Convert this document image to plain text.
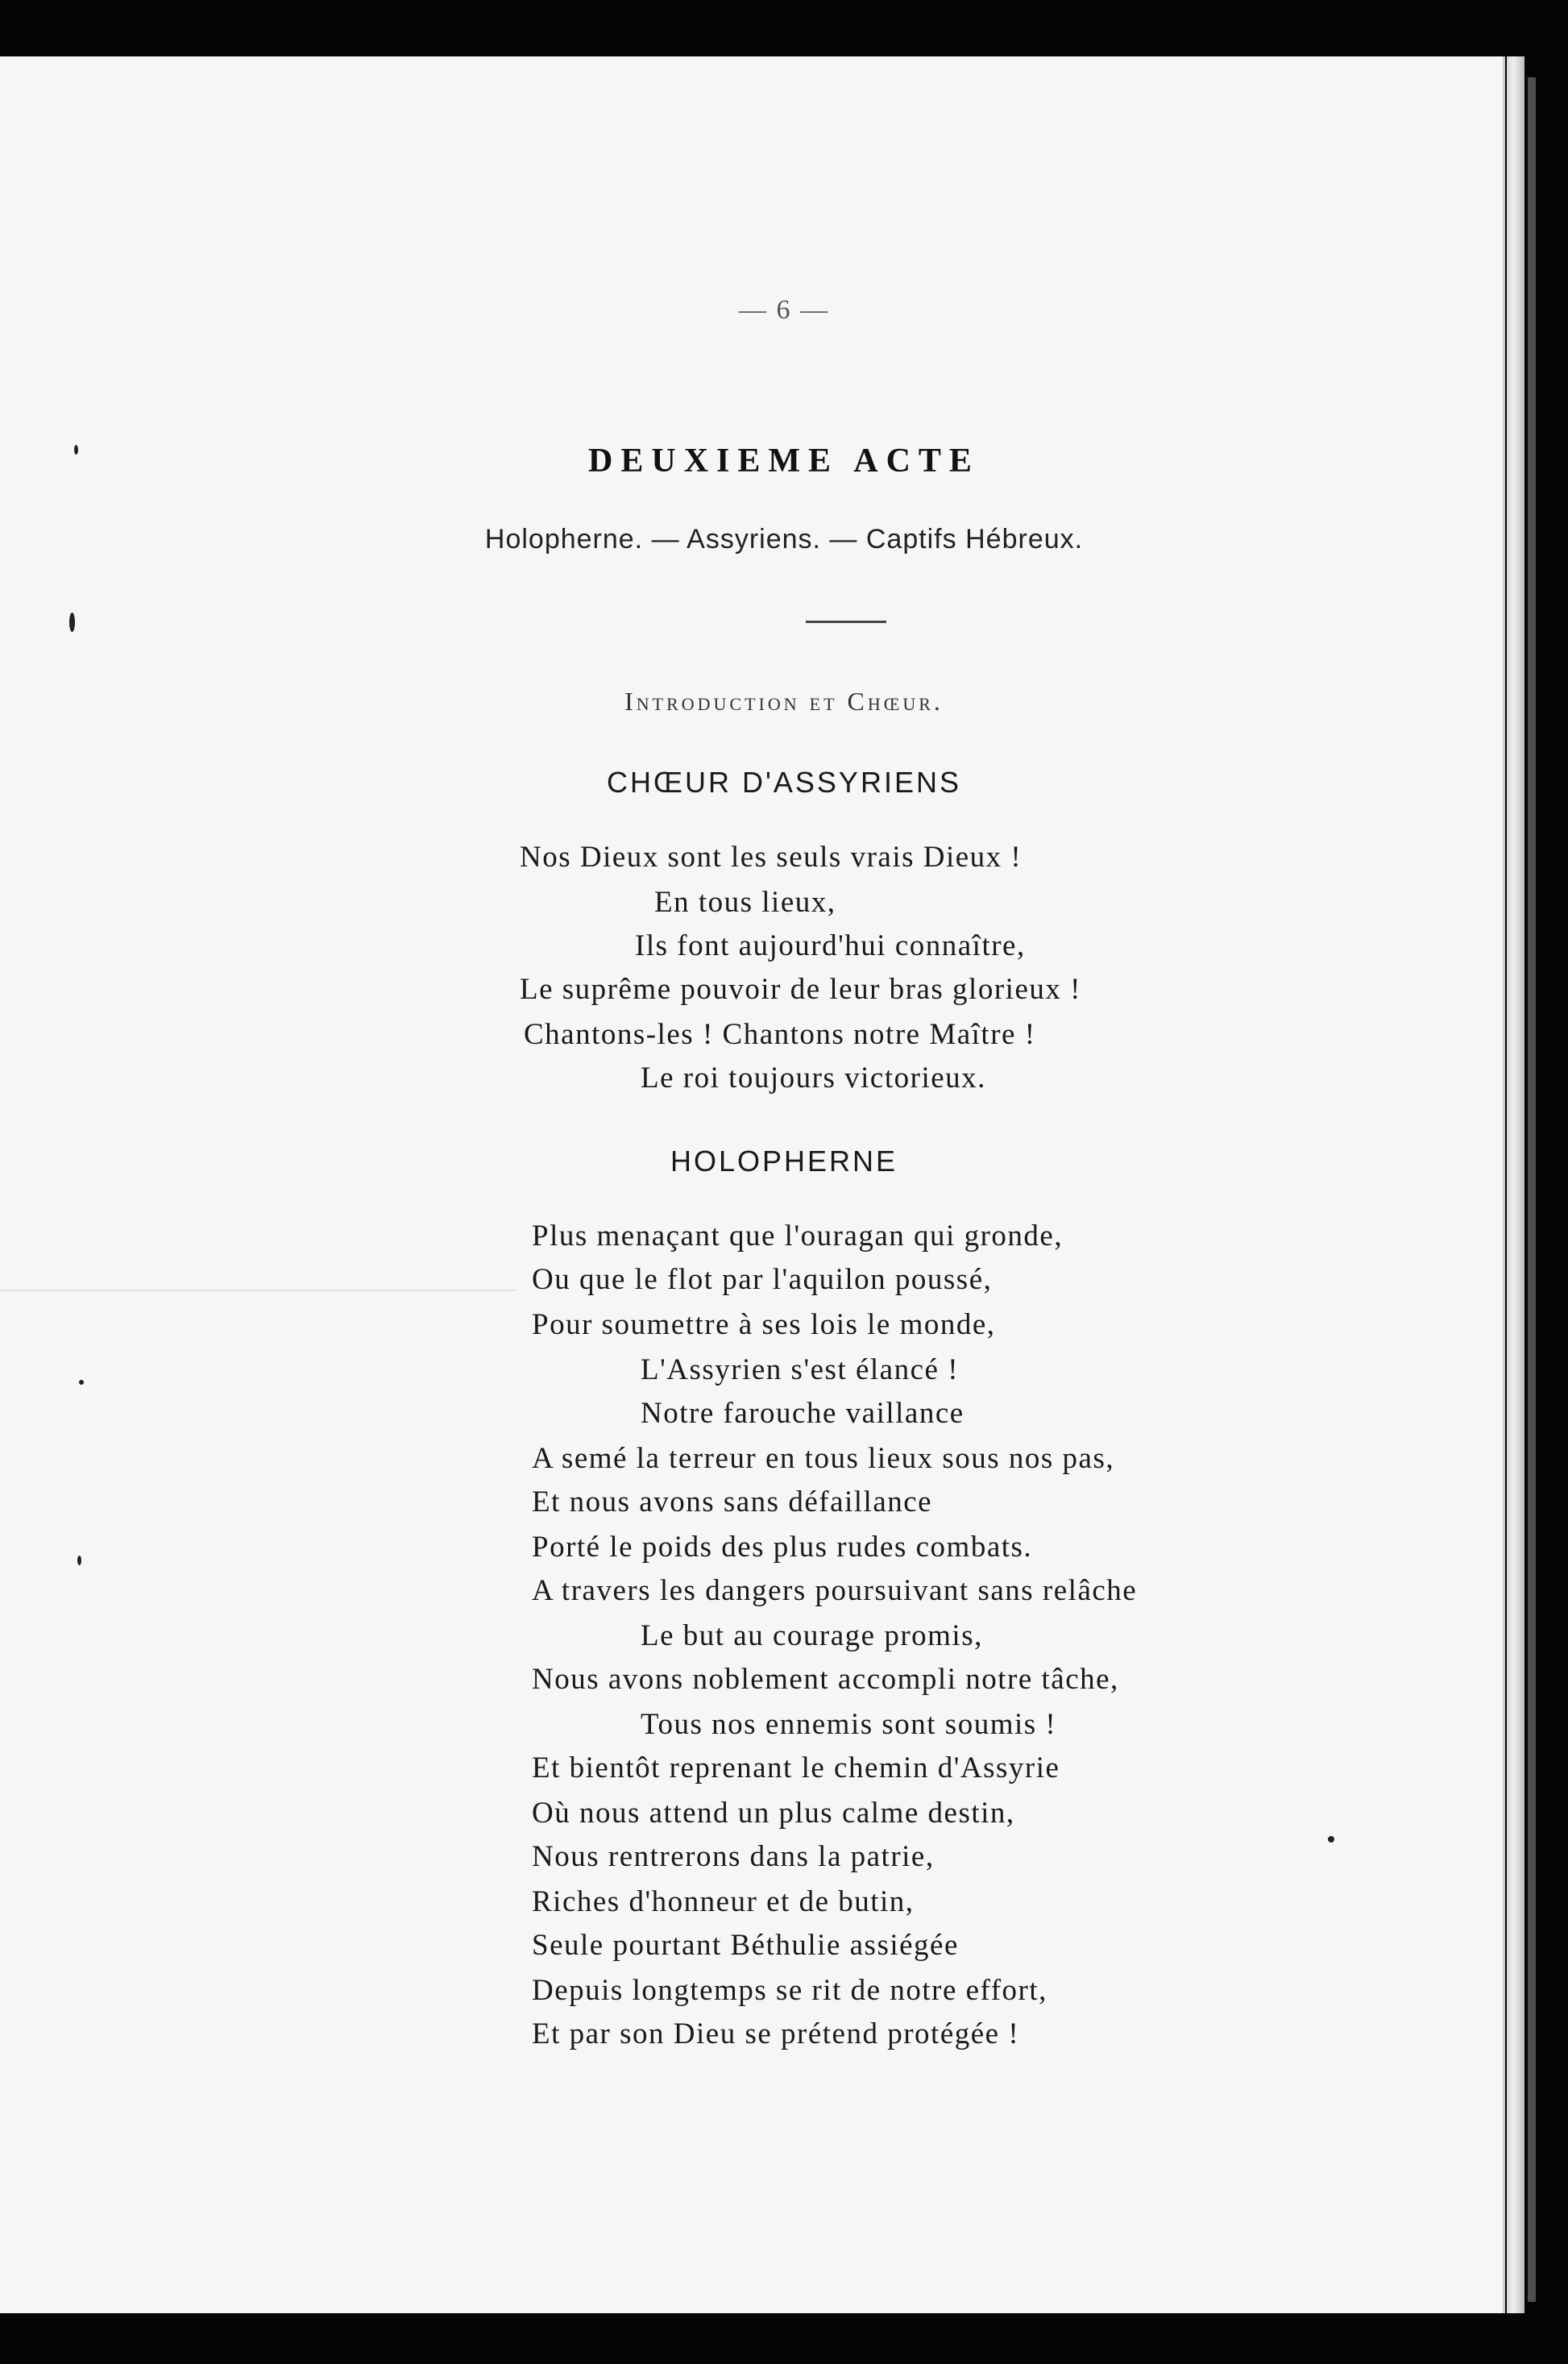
— 6 —
DEUXIEME ACTE
Holopherne. — Assyriens. — Captifs Hébreux.
Introduction et Chœur.
CHŒUR D'ASSYRIENS
Nos Dieux sont les seuls vrais Dieux !
En tous lieux,
Ils font aujourd'hui connaître,
Le suprême pouvoir de leur bras glorieux !
Chantons-les ! Chantons notre Maître !
Le roi toujours victorieux.
HOLOPHERNE
Plus menaçant que l'ouragan qui gronde,
Ou que le flot par l'aquilon poussé,
Pour soumettre à ses lois le monde,
L'Assyrien s'est élancé !
Notre farouche vaillance
A semé la terreur en tous lieux sous nos pas,
Et nous avons sans défaillance
Porté le poids des plus rudes combats.
A travers les dangers poursuivant sans relâche
Le but au courage promis,
Nous avons noblement accompli notre tâche,
Tous nos ennemis sont soumis !
Et bientôt reprenant le chemin d'Assyrie
Où nous attend un plus calme destin,
Nous rentrerons dans la patrie,
Riches d'honneur et de butin,
Seule pourtant Béthulie assiégée
Depuis longtemps se rit de notre effort,
Et par son Dieu se prétend protégée !
